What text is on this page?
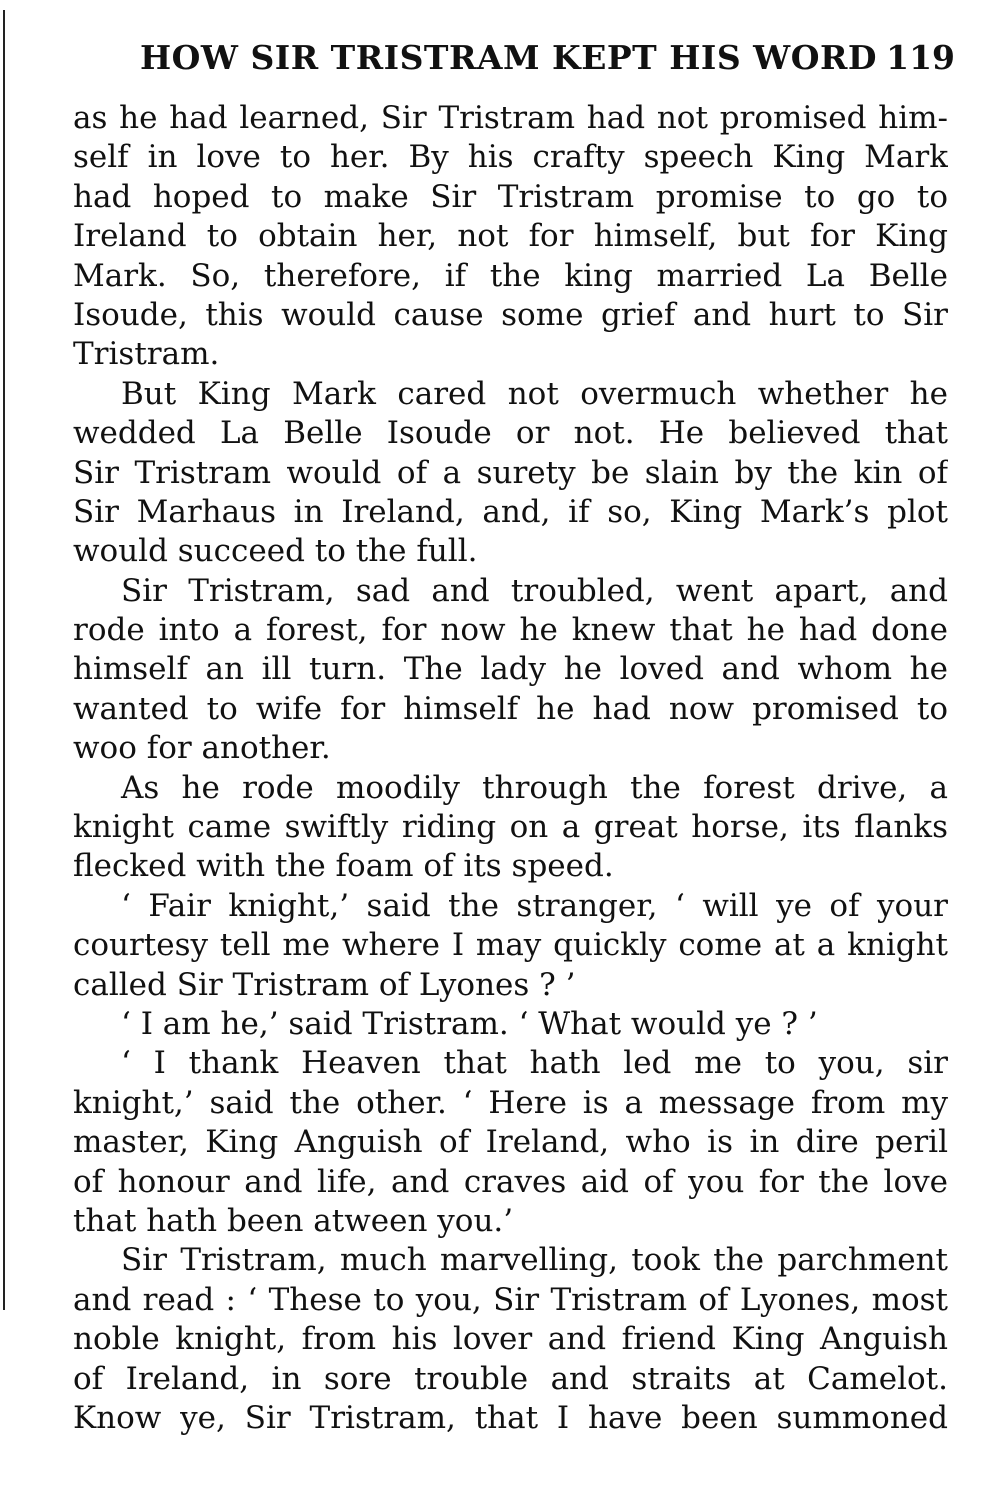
HOW SIR TRISTRAM KEPT HIS WORD 119
as he had learned, Sir Tristram had not promised him-
self in love to her. By his crafty speech King Mark
had hoped to make Sir Tristram promise to go to
Ireland to obtain her, not for himself, but for King
Mark. So, therefore, if the king married La Belle
Isoude, this would cause some grief and hurt to Sir
Tristram.
But King Mark cared not overmuch whether he
wedded La Belle Isoude or not. He believed that
Sir Tristram would of a surety be slain by the kin of
Sir Marhaus in Ireland, and, if so, King Mark’s plot
would succeed to the full.
Sir Tristram, sad and troubled, went apart, and
rode into a forest, for now he knew that he had done
himself an ill turn. The lady he loved and whom he
wanted to wife for himself he had now promised to
woo for another.
As he rode moodily through the forest drive, a
knight came swiftly riding on a great horse, its flanks
flecked with the foam of its speed.
‘ Fair knight,’ said the stranger, ‘ will ye of your
courtesy tell me where I may quickly come at a knight
called Sir Tristram of Lyones ? ’
‘ I am he,’ said Tristram. ‘ What would ye ? ’
‘ I thank Heaven that hath led me to you, sir
knight,’ said the other. ‘ Here is a message from my
master, King Anguish of Ireland, who is in dire peril
of honour and life, and craves aid of you for the love
that hath been atween you.’
Sir Tristram, much marvelling, took the parchment
and read : ‘ These to you, Sir Tristram of Lyones, most
noble knight, from his lover and friend King Anguish
of Ireland, in sore trouble and straits at Camelot.
Know ye, Sir Tristram, that I have been summoned
